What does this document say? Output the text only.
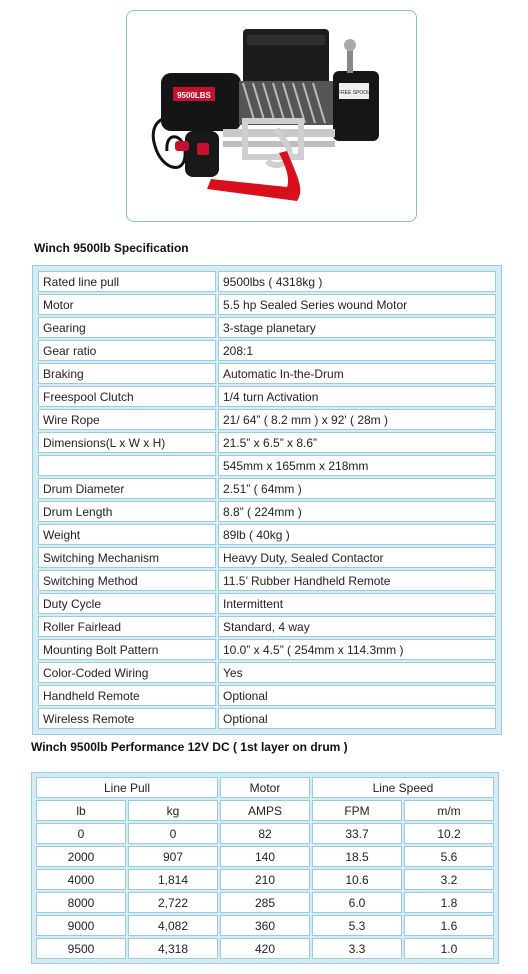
9500LBS	FREE SPOOL
Winch 9500lb Specification
Rated line pull	9500lbs ( 4318kg )
Motor	5.5 hp Sealed Series wound Motor
Gearing	3-stage planetary
Gear ratio	208:1
Braking	Automatic In-the-Drum
Freespool Clutch	1/4 turn Activation
Wire Rope	21/ 64” ( 8.2 mm ) x 92' ( 28m )
Dimensions(L x W x H)	21.5” x 6.5” x 8.6”
	545mm x 165mm x 218mm
Drum Diameter	2.51” ( 64mm )
Drum Length	8.8” ( 224mm )
Weight	89lb ( 40kg )
Switching Mechanism	Heavy Duty, Sealed Contactor
Switching Method	11.5’ Rubber Handheld Remote
Duty Cycle	Intermittent
Roller Fairlead	Standard, 4 way
Mounting Bolt Pattern	10.0” x 4.5” ( 254mm x 114.3mm )
Color-Coded Wiring	Yes
Handheld Remote	Optional
Wireless Remote	Optional
Winch 9500lb Performance 12V DC ( 1st layer on drum )
Line Pull		Motor	Line Speed	
lb	kg	AMPS	FPM	m/m
0	0	82	33.7	10.2
2000	907	140	18.5	5.6
4000	1,814	210	10.6	3.2
8000	2,722	285	6.0	1.8
9000	4,082	360	5.3	1.6
9500	4,318	420	3.3	1.0
